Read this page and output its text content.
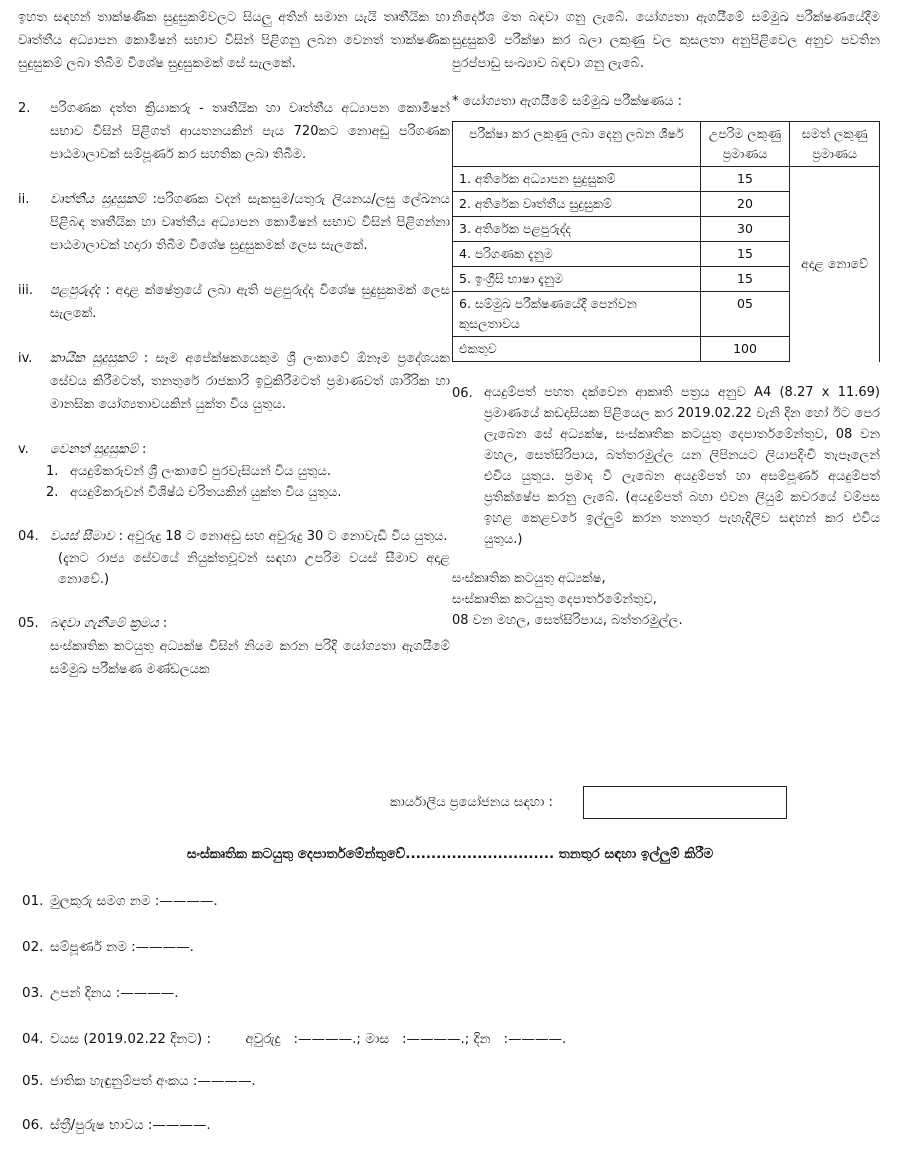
ඉහත සඳහන් තාක්ෂණික සුදුසුකම්වලට සියලු අතින් සමාන යැයි තෘතීයික හා වෘත්තීය අධ්‍යාපන කොමිෂන් සභාව විසින් පිළිගනු ලබන වෙනත් තාක්ෂණික සුදුසුකම් ලබා තිබීම විශේෂ සුදුසුකමක් සේ සැලකේ.

2.	පරිගණක දත්ත ක්‍රියාකරු - තෘතීයික හා වෘත්තීය අධ්‍යාපන කොමිෂන් සභාව විසින් පිළිගත් ආයතනයකින් පැය 720කට නොඅඩු පරිගණක පාඨමාලාවක් සම්පූර්ණ කර සහතික ලබා තිබීම.

ii.	වෘත්තීය සුදුසුකම් :පරිගණක වදන් සැකසුම/යතුරු ලියනය/ලසු ලේඛනය පිළිබඳ තෘතීයික හා වෘත්තීය අධ්‍යාපන කොමිෂන් සභාව විසින් පිළිගන්නා පාඨමාලාවක් හදාරා තිබීම විශේෂ සුදුසුකමක් ලෙස සැලකේ.

iii.	පළපුරුද්ද : අදාළ ක්ෂේත්‍රයේ ලබා ඇති පළපුරුද්ද විශේෂ සුදුසුකමක් ලෙස සැලකේ.

iv.	කායික සුදුසුකම් : සෑම අපේක්ෂකයෙකුම ශ්‍රී ලංකාවේ ඕනෑම ප්‍රදේශයක සේවය කිරීමටත්, තනතුරේ රාජකාරි ඉටුකිරීමටත් ප්‍රමාණවත් ශාරීරික හා මානසික යෝග්‍යතාවයකින් යුක්ත විය යුතුය.

v.	වෙනත් සුදුසුකම් :

1. අයදුම්කරුවන් ශ්‍රී ලංකාවේ පුරවැසියන් විය යුතුය.
2. අයදුම්කරුවන් විශිෂ්ඨ චරිතයකින් යුක්ත විය යුතුය.
04. වයස් සීමාව : අවුරුදු 18 ට නොඅඩු සහ අවුරුදු 30 ට නොවැඩි විය යුතුය.

(දැනට රාජ්‍ය සේවයේ නියුක්තවූවන් සඳහා උපරිම වයස් සීමාව අදාළ නොවේ.)

05. බඳවා ගැනීමේ ක්‍රමය :

සංස්කෘතික කටයුතු අධ්‍යක්ෂ විසින් නියම කරන පරිදි යෝග්‍යතා ඇගයීමේ සම්මුඛ පරීක්ෂණ මණ්ඩලයක

නිර්දේශ මත බඳවා ගනු ලැබේ. යෝග්‍යතා ඇගයීමේ සම්මුඛ පරීක්ෂණයේදීම සුදුසුකම් පරීක්ෂා කර බලා ලකුණු වල කුසලතා අනුපිළිවෙල අනුව පවතින පුරප්පාඩු සංඛ්‍යාව බඳවා ගනු ලැබේ.

* යෝග්‍යතා ඇගයීමේ සම්මුඛ පරීක්ෂණය :

පරීක්ෂා කර ලකුණු ලබා දෙනු ලබන ශීර්ෂ	උපරිම ලකුණු ප්‍රමාණය	සමත් ලකුණු ප්‍රමාණය
1. අතිරේක අධ්‍යාපන සුදුසුකම්	15	අදාළ නොවේ
2. අතිරේක වෘත්තීය සුදුසුකම්	20	
3. අතිරේක පළපුරුද්ද	30	
4. පරිගණක දැනුම	15	
5. ඉංග්‍රීසි භාෂා දැනුම	15	
6. සම්මුඛ පරීක්ෂණයේදී පෙන්වන කුසලතාවය	05	
එකතුව	100	
06. අයදුම්පත් පහත දක්වෙන ආකෘති පත්‍රය අනුව A4 (8.27 x 11.69) ප්‍රමාණයේ කඩදාසියක පිළියෙල කර 2019.02.22 වැනි දින හෝ ඊට පෙර ලැබෙන සේ අධ්‍යක්ෂ, සංස්කෘතික කටයුතු දෙපාර්තමේන්තුව, 08 වන මහල, සෙත්සිරිපාය, බත්තරමුල්ල යන ලිපිනයට ලියාපදිංචි තැපෑලෙන් එවිය යුතුය. ප්‍රමාද වී ලැබෙන අයදුම්පත් හා අසම්පූර්ණ අයදුම්පත් ප්‍රතික්ෂේප කරනු ලැබේ. (අයදුම්පත් බහා එවන ලියුම් කවරයේ වම්පස ඉහළ කෙළවරේ ඉල්ලුම් කරන තනතුර පැහැදිලිව සඳහන් කර එවිය යුතුය.)

සංස්කෘතික කටයුතු අධ්‍යක්ෂ,

සංස්කෘතික කටයුතු දෙපාර්තමේන්තුව,

08 වන මහල, සෙත්සිරිපාය, බත්තරමුල්ල.

කාර්යාලීය ප්‍රයෝජනය සඳහා :
සංස්කෘතික කටයුතු දෙපාර්තමේන්තුවේ............................. තනතුර සඳහා ඉල්ලුම් කිරීම
01. මුලකුරු සමග නම :————.
02. සම්පූර්ණ නම :————.
03. උපන් දිනය :————.
04. වයස (2019.02.22 දිනට) :        අවුරුදු   :————.; මාස   :————.; දින   :————.
05. ජාතික හැඳුනුම්පත් අංකය :————.
06. ස්ත්‍රී/පුරුෂ භාවය :————.
